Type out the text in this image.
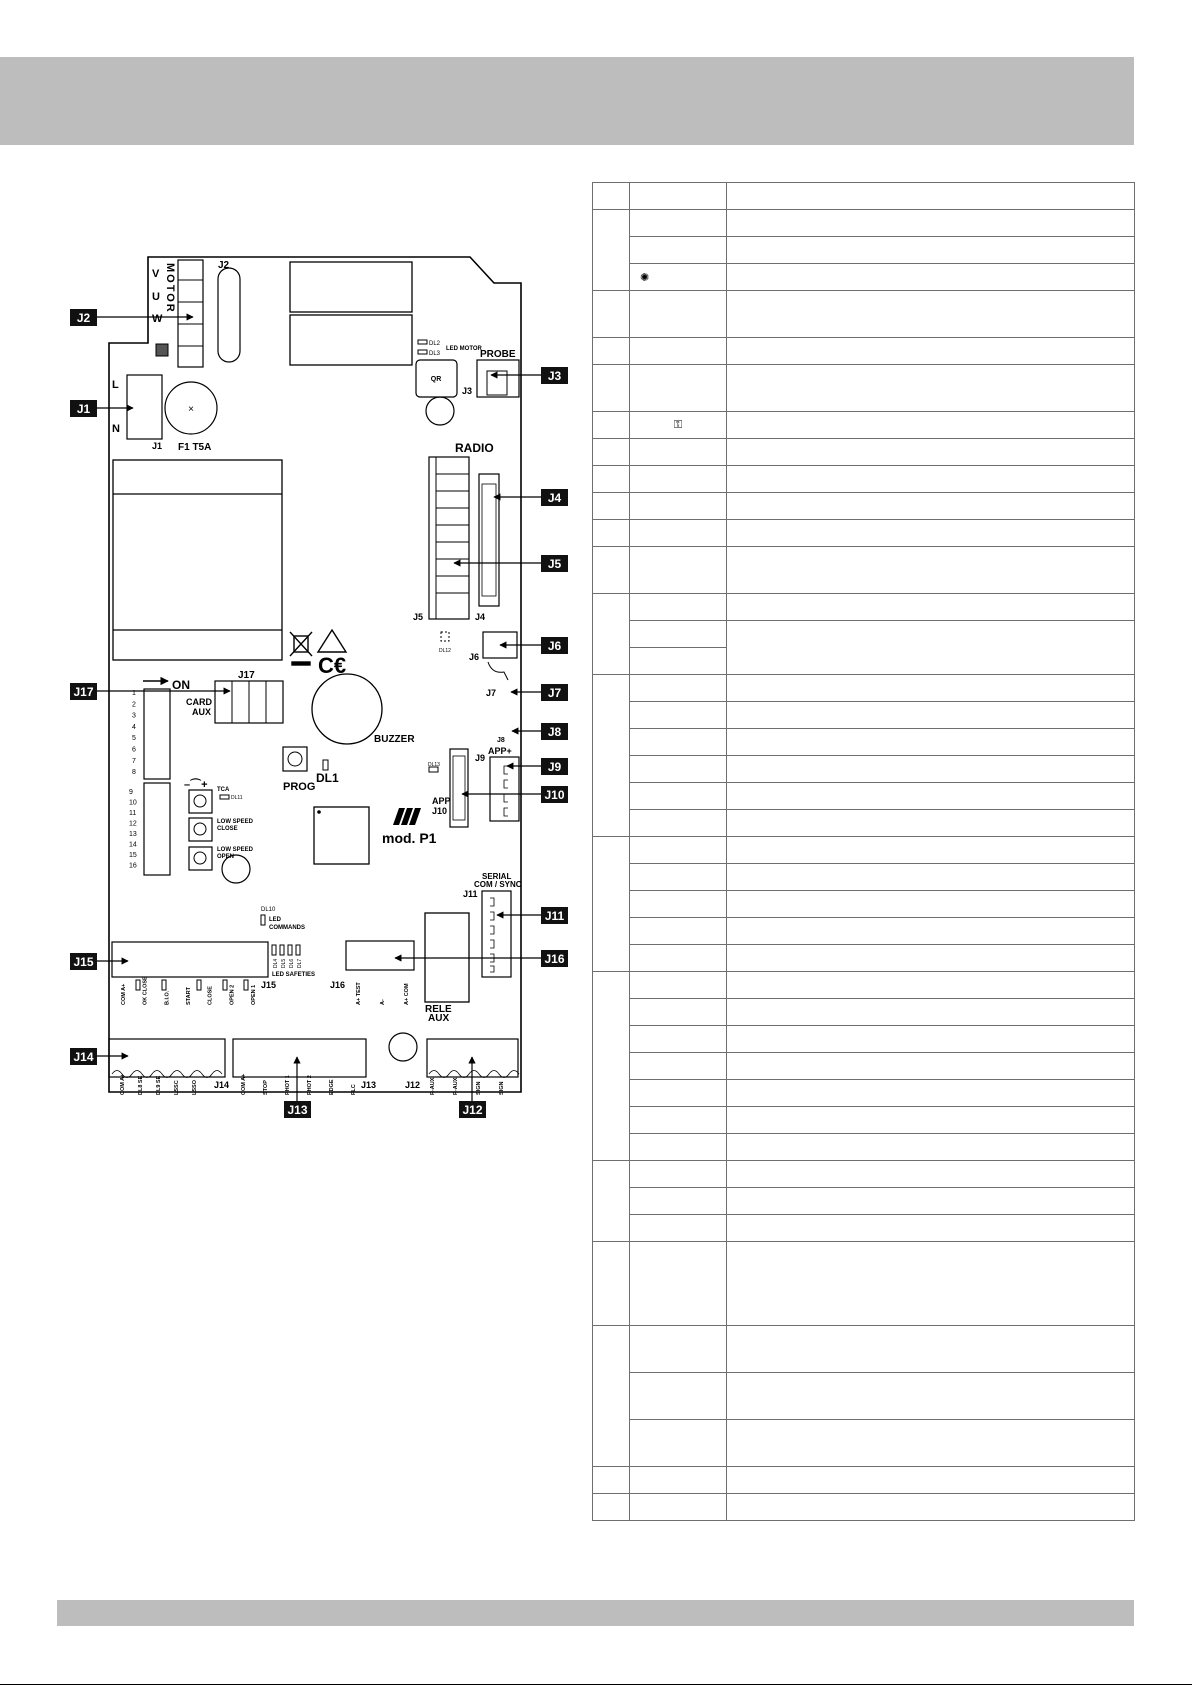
MOTOR
V
U
W
J2
DL2
DL3
LED MOTOR
QR
PROBE
J3
L
N
J1
×
F1 T5A
C€
RADIO
J5	J4
DL12
J6
J7
J8
ON
J17
CARD
AUX
1
2
3
4
5
6
7
8
9
10
11
12
13
14
15
16
BUZZER
PROG
DL1
–⌒+ TCA
DL11
LOW SPEED
CLOSE
LOW SPEED
OPEN
mod. P1
DL13
J9
APP+
APP
J10
SERIAL
COM / SYNC
J11
RELE
AUX
DL10
LED
COMMANDS
DL4 DL5 DL6 DL7
LED SAFETIES
J15
COM A+	OK CLOSE	B.I.O.	START	CLOSE	OPEN 2	OPEN 1	J16 A+ TEST	A-	A+ COM
J14	J13	J12
COM A+ DL8 SE DL9 SE LSSC LSSO	COM A+	STOP	PHOT 1	PHOT 2	EDGE	FLC	R-AUX	R-AUX	SIGN	SIGN
J2
J1
J3
J4
J5
J6
J7
J8
J9
J10
J11
J16
J17
J15
J14
J13	J12

	✺	

	⚿	
